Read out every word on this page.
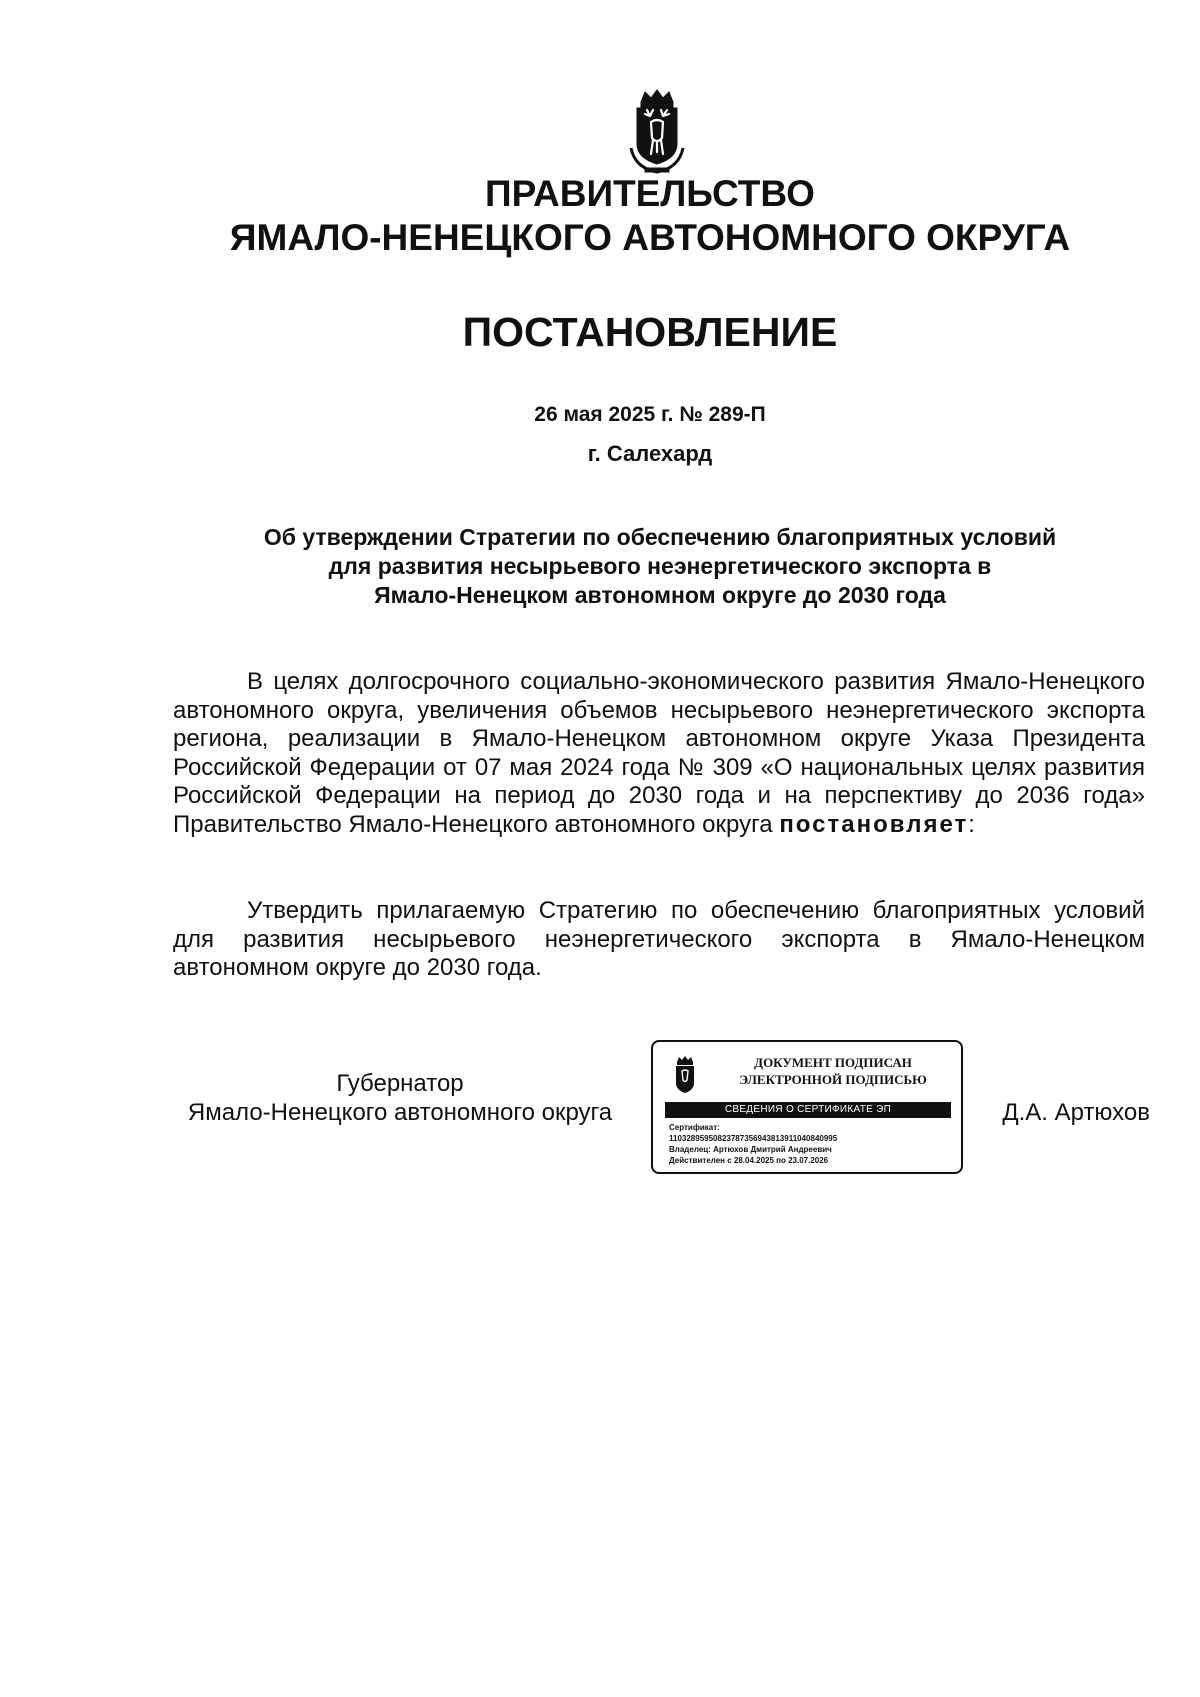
ПРАВИТЕЛЬСТВО
ЯМАЛО-НЕНЕЦКОГО АВТОНОМНОГО ОКРУГА
ПОСТАНОВЛЕНИЕ
26 мая 2025 г. № 289-П
г. Салехард
Об утверждении Стратегии по обеспечению благоприятных условий
для развития несырьевого неэнергетического экспорта в
Ямало-Ненецком автономном округе до 2030 года
В целях долгосрочного социально-экономического развития Ямало-Ненецкого автономного округа, увеличения объемов несырьевого неэнергетического экспорта региона, реализации в Ямало-Ненецком автономном округе Указа Президента Российской Федерации от 07 мая 2024 года № 309 «О национальных целях развития Российской Федерации на период до 2030 года и на перспективу до 2036 года» Правительство Ямало-Ненецкого автономного округа постановляет:
Утвердить прилагаемую Стратегию по обеспечению благоприятных условий для развития несырьевого неэнергетического экспорта в Ямало-Ненецком автономном округе до 2030 года.
Губернатор
Ямало-Ненецкого автономного округа
ДОКУМЕНТ ПОДПИСАН
ЭЛЕКТРОННОЙ ПОДПИСЬЮ
СВЕДЕНИЯ О СЕРТИФИКАТЕ ЭП
Сертификат:
11032895950823787356943813911040840995
Владелец: Артюхов Дмитрий Андреевич
Действителен с 28.04.2025 по 23.07.2026
Д.А. Артюхов
